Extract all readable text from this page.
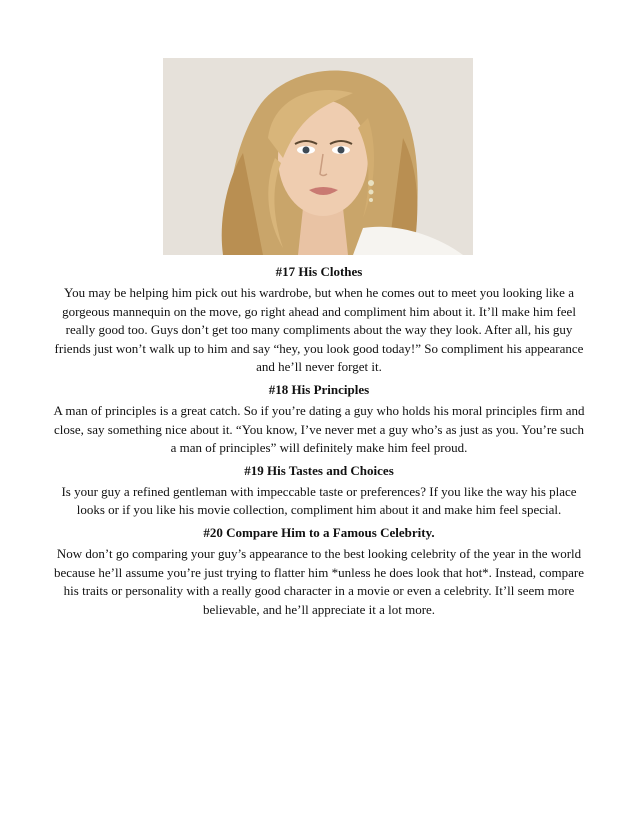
#17 His Clothes

You may be helping him pick out his wardrobe, but when he comes out to meet you looking like a gorgeous mannequin on the move, go right ahead and compliment him about it. It’ll make him feel really good too. Guys don’t get too many compliments about the way they look. After all, his guy friends just won’t walk up to him and say “hey, you look good today!” So compliment his appearance and he’ll never forget it.

#18 His Principles

A man of principles is a great catch. So if you’re dating a guy who holds his moral principles firm and close, say something nice about it. “You know, I’ve never met a guy who’s as just as you. You’re such a man of principles” will definitely make him feel proud.

#19 His Tastes and Choices

Is your guy a refined gentleman with impeccable taste or preferences? If you like the way his place looks or if you like his movie collection, compliment him about it and make him feel special.

#20 Compare Him to a Famous Celebrity.

Now don’t go comparing your guy’s appearance to the best looking celebrity of the year in the world because he’ll assume you’re just trying to flatter him *unless he does look that hot*. Instead, compare his traits or personality with a really good character in a movie or even a celebrity. It’ll seem more believable, and he’ll appreciate it a lot more.
